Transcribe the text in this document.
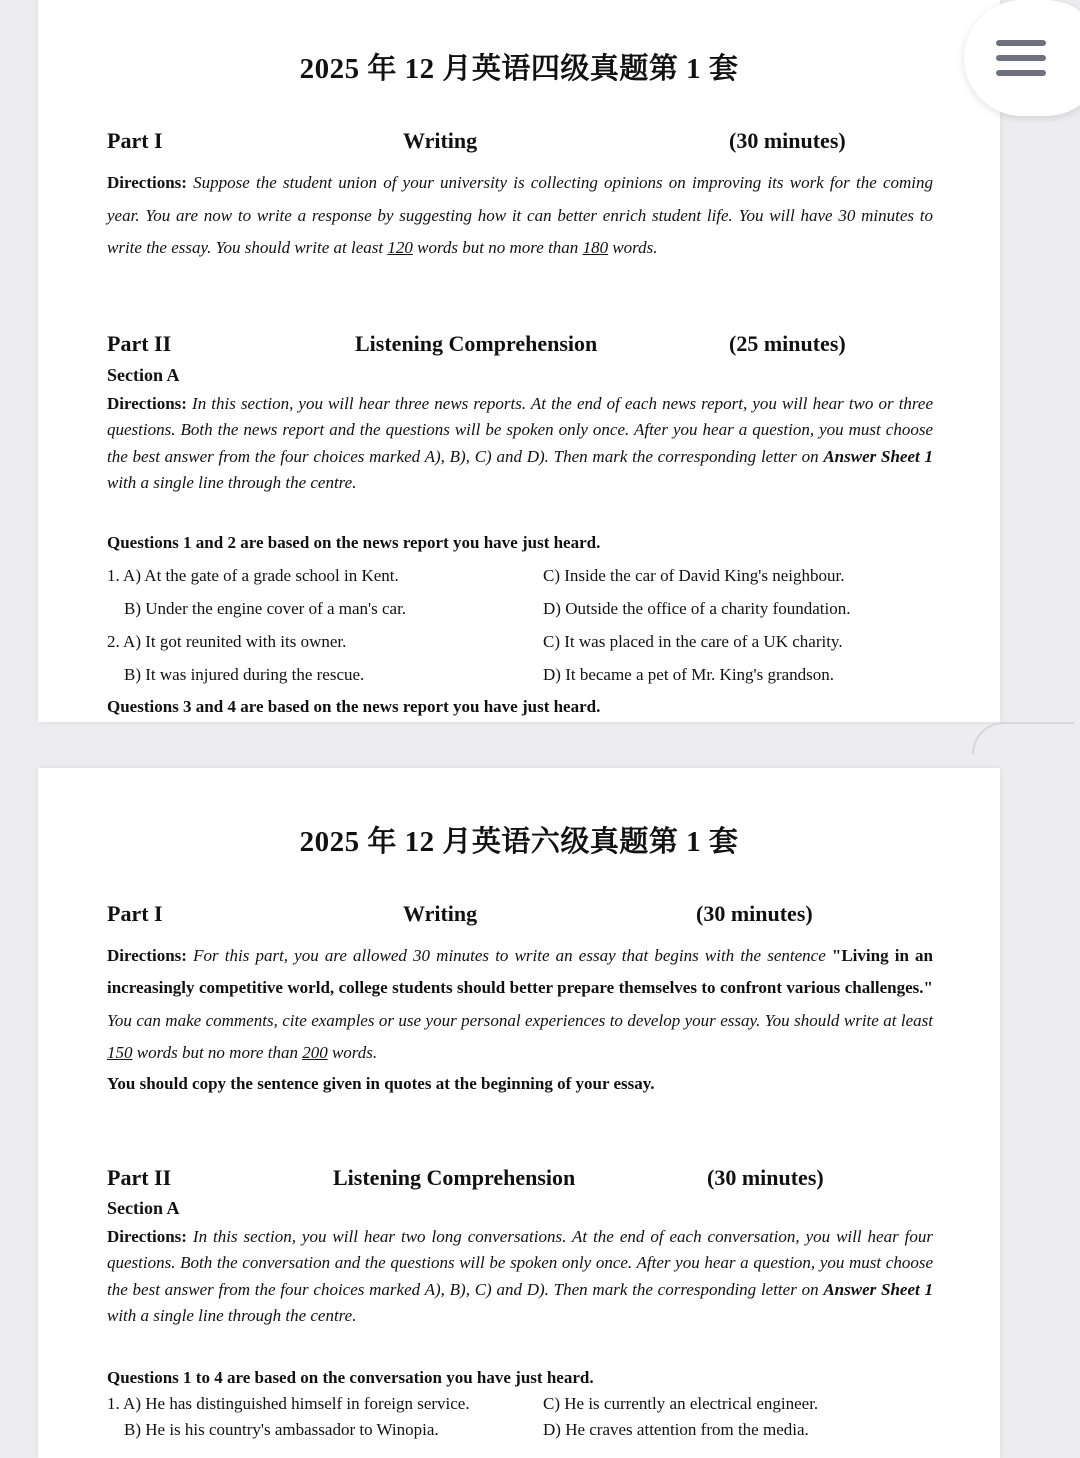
2025 年 12 月英语四级真题第 1 套
Part I	Writing	(30 minutes)
Directions: Suppose the student union of your university is collecting opinions on improving its work for the coming year. You are now to write a response by suggesting how it can better enrich student life. You will have 30 minutes to write the essay. You should write at least 120 words but no more than 180 words.
Part II	Listening Comprehension	(25 minutes)
Section A
Directions: In this section, you will hear three news reports. At the end of each news report, you will hear two or three questions. Both the news report and the questions will be spoken only once. After you hear a question, you must choose the best answer from the four choices marked A), B), C) and D). Then mark the corresponding letter on Answer Sheet 1 with a single line through the centre.
Questions 1 and 2 are based on the news report you have just heard.
1. A) At the gate of a grade school in Kent.	C) Inside the car of David King's neighbour.
B) Under the engine cover of a man's car.	D) Outside the office of a charity foundation.
2. A) It got reunited with its owner.	C) It was placed in the care of a UK charity.
B) It was injured during the rescue.	D) It became a pet of Mr. King's grandson.
Questions 3 and 4 are based on the news report you have just heard.
2025 年 12 月英语六级真题第 1 套
Part I	Writing	(30 minutes)
Directions: For this part, you are allowed 30 minutes to write an essay that begins with the sentence "Living in an increasingly competitive world, college students should better prepare themselves to confront various challenges." You can make comments, cite examples or use your personal experiences to develop your essay. You should write at least 150 words but no more than 200 words.
You should copy the sentence given in quotes at the beginning of your essay.
Part II	Listening Comprehension	(30 minutes)
Section A
Directions: In this section, you will hear two long conversations. At the end of each conversation, you will hear four questions. Both the conversation and the questions will be spoken only once. After you hear a question, you must choose the best answer from the four choices marked A), B), C) and D). Then mark the corresponding letter on Answer Sheet 1 with a single line through the centre.
Questions 1 to 4 are based on the conversation you have just heard.
1. A) He has distinguished himself in foreign service.	C) He is currently an electrical engineer.
B) He is his country's ambassador to Winopia.	D) He craves attention from the media.
